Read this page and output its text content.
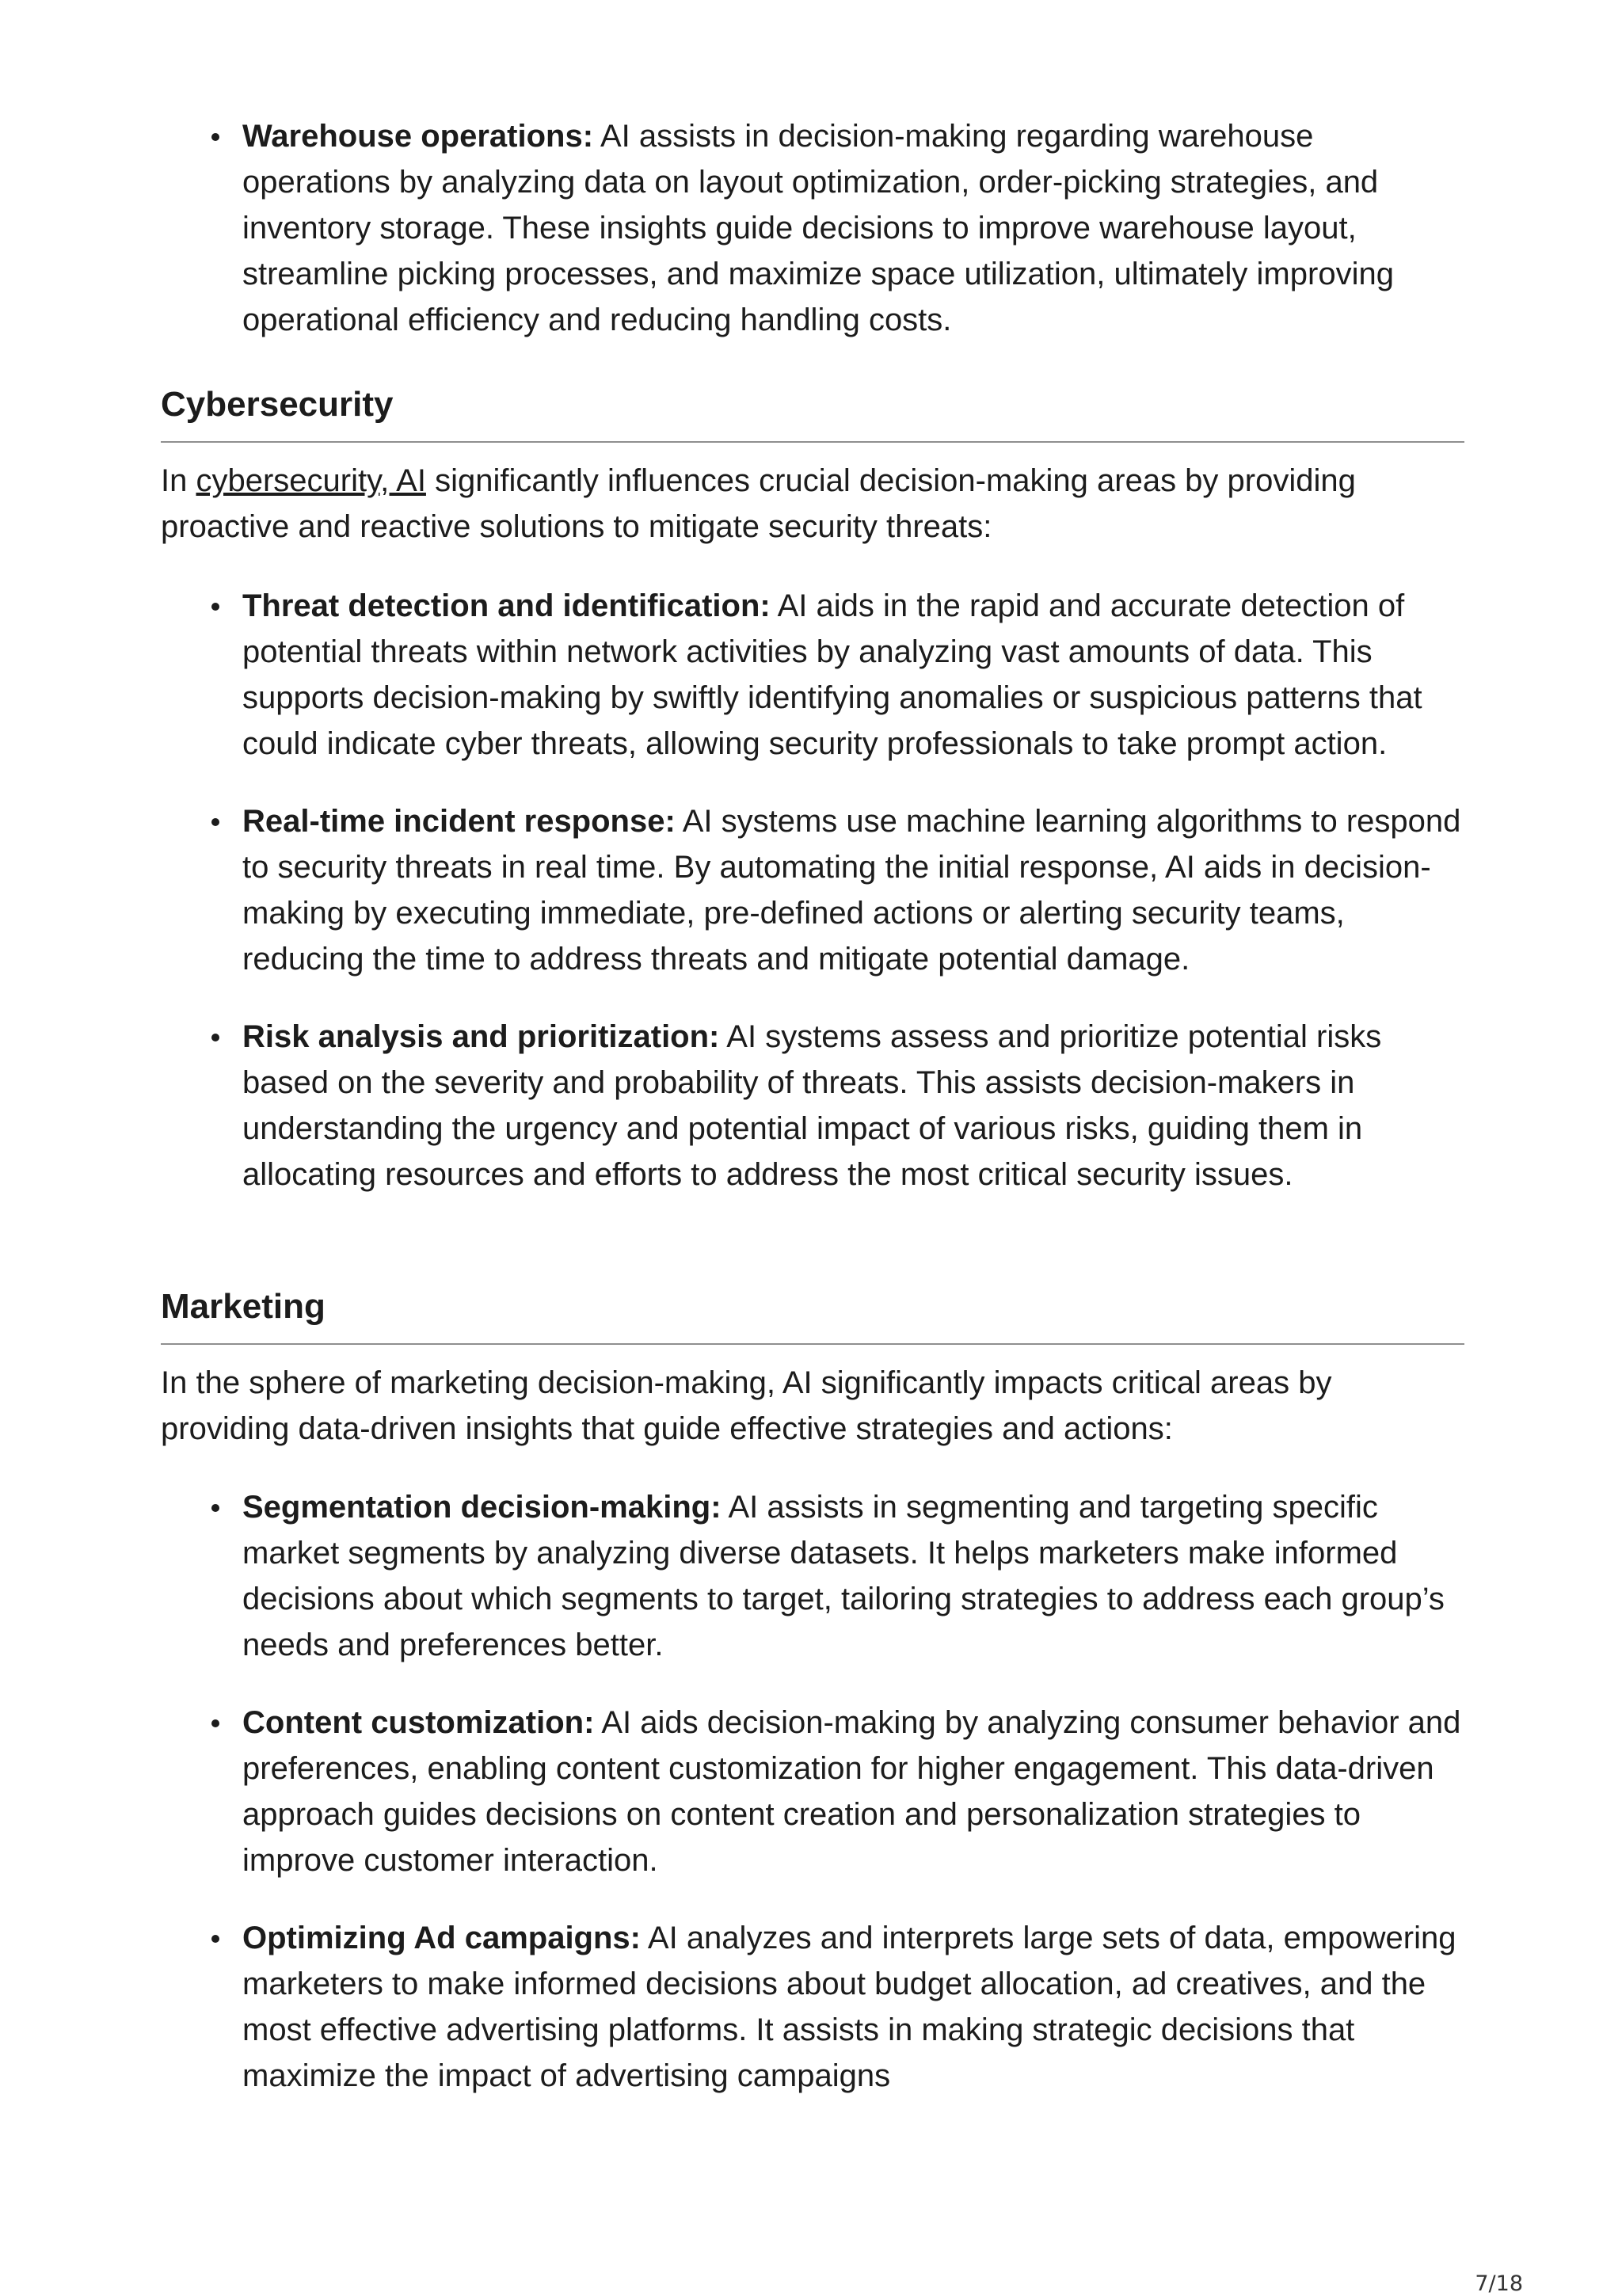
Warehouse operations: AI assists in decision-making regarding warehouse operations by analyzing data on layout optimization, order-picking strategies, and inventory storage. These insights guide decisions to improve warehouse layout, streamline picking processes, and maximize space utilization, ultimately improving operational efficiency and reducing handling costs.
Cybersecurity

In cybersecurity, AI significantly influences crucial decision-making areas by providing proactive and reactive solutions to mitigate security threats:

Threat detection and identification: AI aids in the rapid and accurate detection of potential threats within network activities by analyzing vast amounts of data. This supports decision-making by swiftly identifying anomalies or suspicious patterns that could indicate cyber threats, allowing security professionals to take prompt action.
Real-time incident response: AI systems use machine learning algorithms to respond to security threats in real time. By automating the initial response, AI aids in decision-making by executing immediate, pre-defined actions or alerting security teams, reducing the time to address threats and mitigate potential damage.
Risk analysis and prioritization: AI systems assess and prioritize potential risks based on the severity and probability of threats. This assists decision-makers in understanding the urgency and potential impact of various risks, guiding them in allocating resources and efforts to address the most critical security issues.
Marketing

In the sphere of marketing decision-making, AI significantly impacts critical areas by providing data-driven insights that guide effective strategies and actions:

Segmentation decision-making: AI assists in segmenting and targeting specific market segments by analyzing diverse datasets. It helps marketers make informed decisions about which segments to target, tailoring strategies to address each group’s needs and preferences better.
Content customization: AI aids decision-making by analyzing consumer behavior and preferences, enabling content customization for higher engagement. This data-driven approach guides decisions on content creation and personalization strategies to improve customer interaction.
Optimizing Ad campaigns: AI analyzes and interprets large sets of data, empowering marketers to make informed decisions about budget allocation, ad creatives, and the most effective advertising platforms. It assists in making strategic decisions that maximize the impact of advertising campaigns
7/18
